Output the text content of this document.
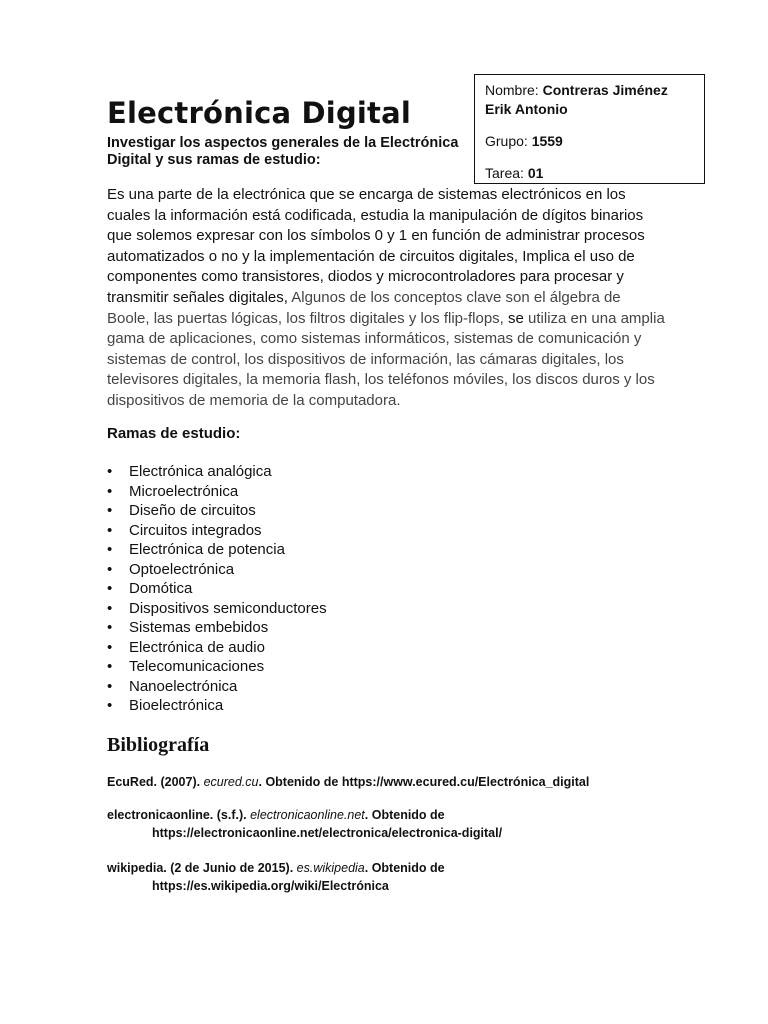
Nombre: Contreras Jiménez Erik Antonio
Grupo: 1559
Tarea: 01
Electrónica Digital
Investigar los aspectos generales de la Electrónica Digital y sus ramas de estudio:

Es una parte de la electrónica que se encarga de sistemas electrónicos en los cuales la información está codificada, estudia la manipulación de dígitos binarios que solemos expresar con los símbolos 0 y 1 en función de administrar procesos automatizados o no y la implementación de circuitos digitales, Implica el uso de componentes como transistores, diodos y microcontroladores para procesar y transmitir señales digitales, Algunos de los conceptos clave son el álgebra de Boole, las puertas lógicas, los filtros digitales y los flip-flops, se utiliza en una amplia gama de aplicaciones, como sistemas informáticos, sistemas de comunicación y sistemas de control, los dispositivos de información, las cámaras digitales, los televisores digitales, la memoria flash, los teléfonos móviles, los discos duros y los dispositivos de memoria de la computadora.

Ramas de estudio:
• Electrónica analógica
• Microelectrónica
• Diseño de circuitos
• Circuitos integrados
• Electrónica de potencia
• Optoelectrónica
• Domótica
• Dispositivos semiconductores
• Sistemas embebidos
• Electrónica de audio
• Telecomunicaciones
• Nanoelectrónica
• Bioelectrónica
Bibliografía
EcuRed. (2007). ecured.cu. Obtenido de https://www.ecured.cu/Electrónica_digital
electronicaonline. (s.f.). electronicaonline.net. Obtenido de
https://electronicaonline.net/electronica/electronica-digital/
wikipedia. (2 de Junio de 2015). es.wikipedia. Obtenido de
https://es.wikipedia.org/wiki/Electrónica
